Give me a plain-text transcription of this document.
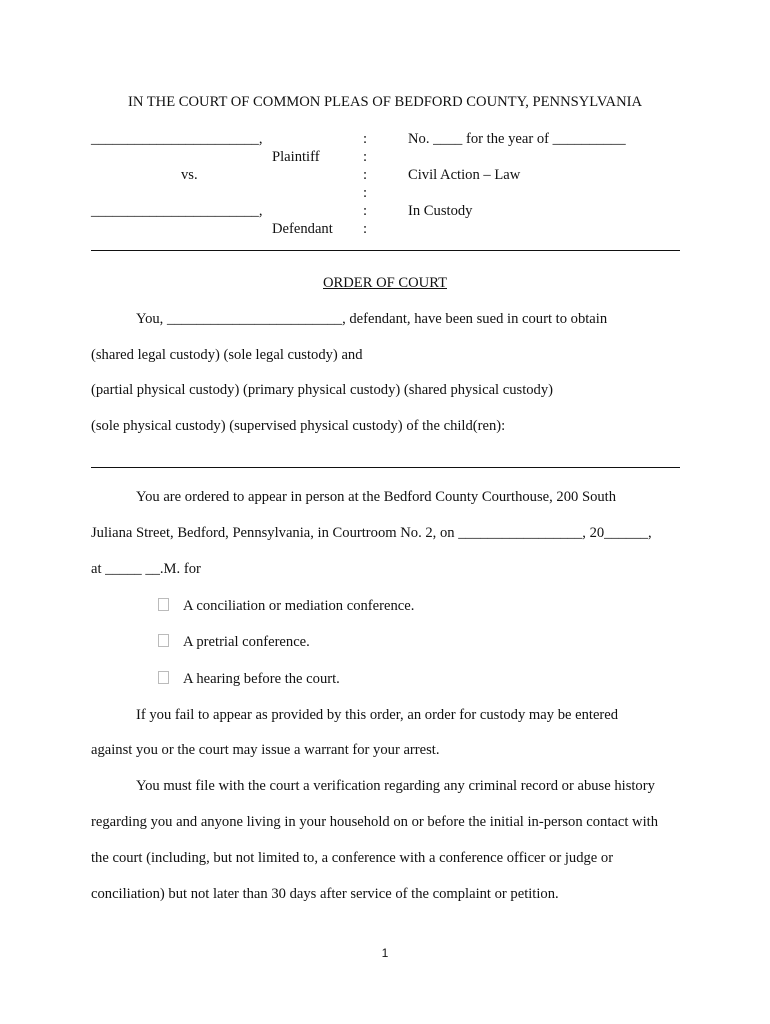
IN THE COURT OF COMMON PLEAS OF BEDFORD COUNTY, PENNSYLVANIA
_______________________,
Plaintiff
vs.
_______________________,
Defendant
:
:
:
:
:
:
No. ____ for the year of __________
Civil Action – Law
In Custody
ORDER OF COURT
You, ________________________, defendant, have been sued in court to obtain
(shared legal custody) (sole legal custody) and
(partial physical custody) (primary physical custody) (shared physical custody)
(sole physical custody) (supervised physical custody) of the child(ren):
You are ordered to appear in person at the Bedford County Courthouse, 200 South
Juliana Street, Bedford, Pennsylvania, in Courtroom No. 2, on _________________, 20______,
at _____ __.M. for
A conciliation or mediation conference.
A pretrial conference.
A hearing before the court.
If you fail to appear as provided by this order, an order for custody may be entered
against you or the court may issue a warrant for your arrest.
You must file with the court a verification regarding any criminal record or abuse history
regarding you and anyone living in your household on or before the initial in-person contact with
the court (including, but not limited to, a conference with a conference officer or judge or
conciliation) but not later than 30 days after service of the complaint or petition.
1
